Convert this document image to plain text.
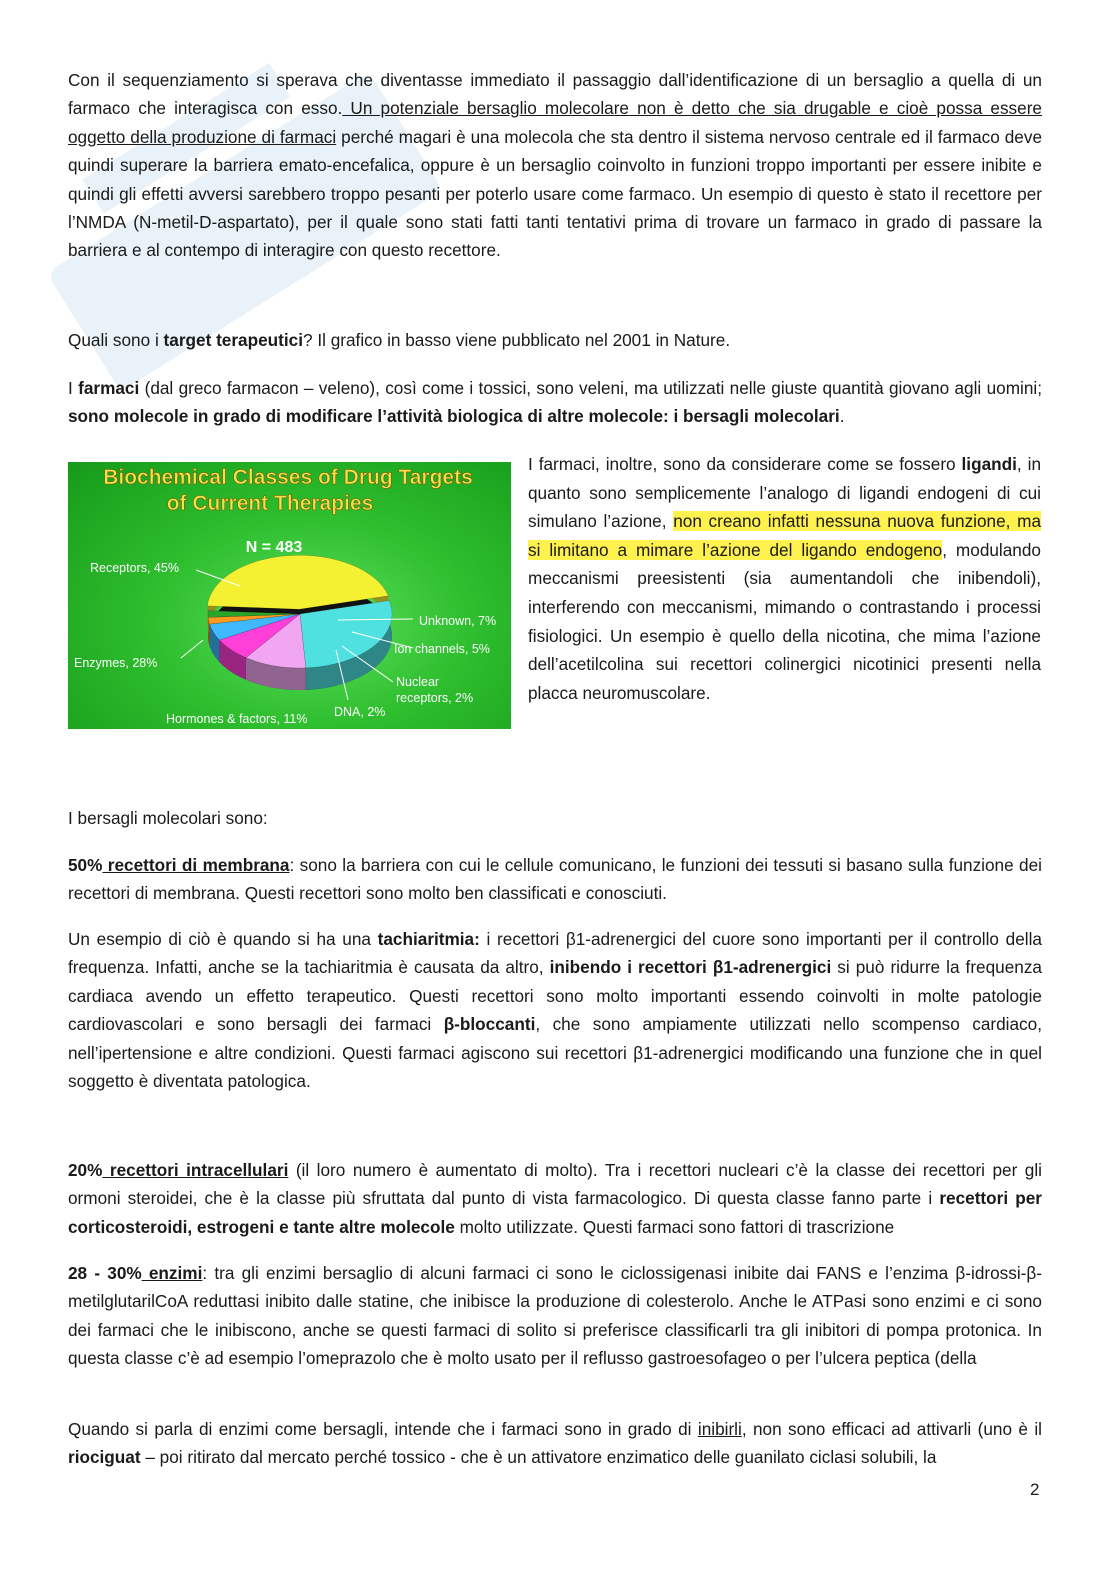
Con il sequenziamento si sperava che diventasse immediato il passaggio dall’identificazione di un bersaglio a quella di un farmaco che interagisca con esso. Un potenziale bersaglio molecolare non è detto che sia drugable e cioè possa essere oggetto della produzione di farmaci perché magari è una molecola che sta dentro il sistema nervoso centrale ed il farmaco deve quindi superare la barriera emato-encefalica, oppure è un bersaglio coinvolto in funzioni troppo importanti per essere inibite e quindi gli effetti avversi sarebbero troppo pesanti per poterlo usare come farmaco. Un esempio di questo è stato il recettore per l’NMDA (N-metil-D-aspartato), per il quale sono stati fatti tanti tentativi prima di trovare un farmaco in grado di passare la barriera e al contempo di interagire con questo recettore.

Quali sono i target terapeutici? Il grafico in basso viene pubblicato nel 2001 in Nature.

I farmaci (dal greco farmacon – veleno), così come i tossici, sono veleni, ma utilizzati nelle giuste quantità giovano agli uomini; sono molecole in grado di modificare l’attività biologica di altre molecole: i bersagli molecolari.

Biochemical Classes of Drug Targets
of Current Therapies
N = 483
Receptors, 45%
Enzymes, 28%
Unknown, 7%
Ion channels, 5%
Nuclear
receptors, 2%
DNA, 2%
Hormones & factors, 11%

I farmaci, inoltre, sono da considerare come se fossero ligandi, in quanto sono semplicemente l’analogo di ligandi endogeni di cui simulano l’azione, non creano infatti nessuna nuova funzione, ma si limitano a mimare l’azione del ligando endogeno, modulando meccanismi preesistenti (sia aumentandoli che inibendoli), interferendo con meccanismi, mimando o contrastando i processi fisiologici. Un esempio è quello della nicotina, che mima l’azione dell’acetilcolina sui recettori colinergici nicotinici presenti nella placca neuromuscolare.

I bersagli molecolari sono:

50% recettori di membrana: sono la barriera con cui le cellule comunicano, le funzioni dei tessuti si basano sulla funzione dei recettori di membrana. Questi recettori sono molto ben classificati e conosciuti.

Un esempio di ciò è quando si ha una tachiaritmia: i recettori β1-adrenergici del cuore sono importanti per il controllo della frequenza. Infatti, anche se la tachiaritmia è causata da altro, inibendo i recettori β1-adrenergici si può ridurre la frequenza cardiaca avendo un effetto terapeutico. Questi recettori sono molto importanti essendo coinvolti in molte patologie cardiovascolari e sono bersagli dei farmaci β-bloccanti, che sono ampiamente utilizzati nello scompenso cardiaco, nell’ipertensione e altre condizioni. Questi farmaci agiscono sui recettori β1-adrenergici modificando una funzione che in quel soggetto è diventata patologica.

20% recettori intracellulari (il loro numero è aumentato di molto). Tra i recettori nucleari c’è la classe dei recettori per gli ormoni steroidei, che è la classe più sfruttata dal punto di vista farmacologico. Di questa classe fanno parte i recettori per corticosteroidi, estrogeni e tante altre molecole molto utilizzate. Questi farmaci sono fattori di trascrizione

28 - 30% enzimi: tra gli enzimi bersaglio di alcuni farmaci ci sono le ciclossigenasi inibite dai FANS e l’enzima β-idrossi-β-metilglutarilCoA reduttasi inibito dalle statine, che inibisce la produzione di colesterolo. Anche le ATPasi sono enzimi e ci sono dei farmaci che le inibiscono, anche se questi farmaci di solito si preferisce classificarli tra gli inibitori di pompa protonica. In questa classe c’è ad esempio l’omeprazolo che è molto usato per il reflusso gastroesofageo o per l’ulcera peptica (della

Quando si parla di enzimi come bersagli, intende che i farmaci sono in grado di inibirli, non sono efficaci ad attivarli (uno è il riociguat – poi ritirato dal mercato perché tossico - che è un attivatore enzimatico delle guanilato ciclasi solubili, la

2
